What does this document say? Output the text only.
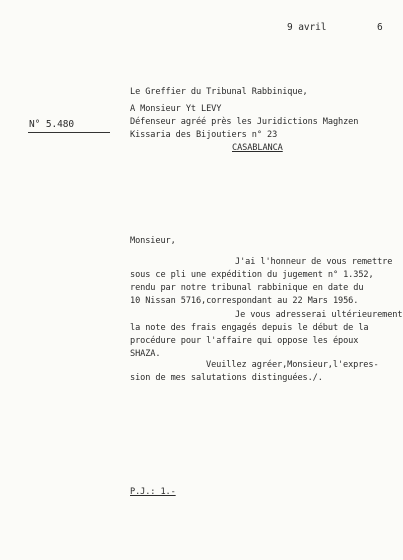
9 avril	6
Le Greffier du Tribunal Rabbinique,
A Monsieur Yt LEVY
N° 5.480	Défenseur agréé près les Juridictions Maghzen
Kissaria des Bijoutiers n° 23
CASABLANCA
Monsieur,
J'ai l'honneur de vous remettre
sous ce pli une expédition du jugement n° 1.352,
rendu par notre tribunal rabbinique en date du
10 Nissan 5716,correspondant au 22 Mars 1956.
Je vous adresserai ultérieurement
la note des frais engagés depuis le début de la
procédure pour l'affaire qui oppose les époux
SHAZA.
Veuillez agréer,Monsieur,l'expres-
sion de mes salutations distinguées./.
P.J.: 1.-
